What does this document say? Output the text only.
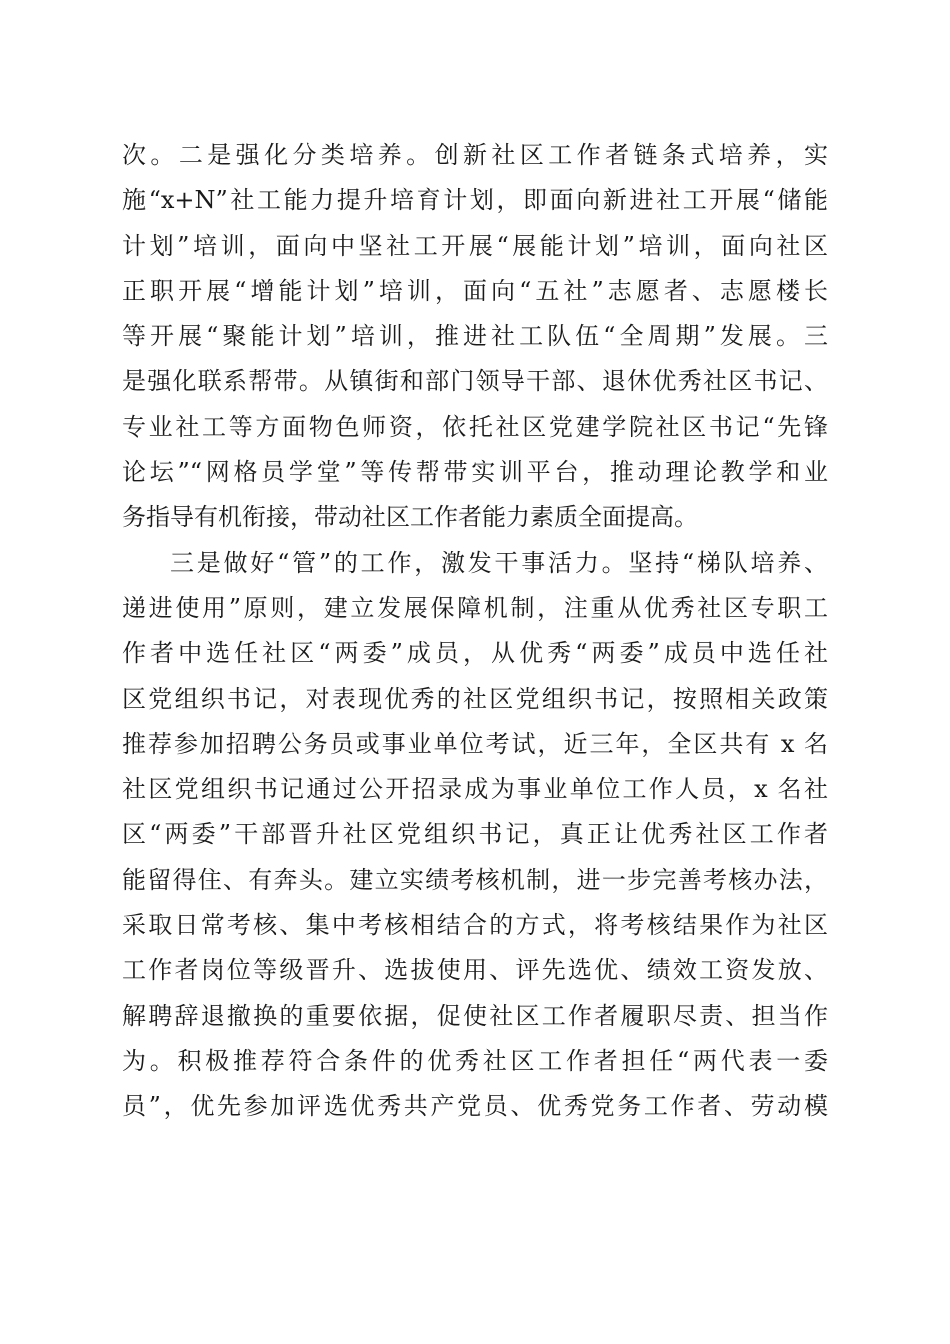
次。二是强化分类培养。创新社区工作者链条式培养，实
施“x+N”社工能力提升培育计划，即面向新进社工开展“储能
计划”培训，面向中坚社工开展“展能计划”培训，面向社区
正职开展“增能计划”培训，面向“五社”志愿者、志愿楼长
等开展“聚能计划”培训，推进社工队伍“全周期”发展。三
是强化联系帮带。从镇街和部门领导干部、退休优秀社区书记、
专业社工等方面物色师资，依托社区党建学院社区书记“先锋
论坛”“网格员学堂”等传帮带实训平台，推动理论教学和业
务指导有机衔接，带动社区工作者能力素质全面提高。
三是做好“管”的工作，激发干事活力。坚持“梯队培养、
递进使用”原则，建立发展保障机制，注重从优秀社区专职工
作者中选任社区“两委”成员，从优秀“两委”成员中选任社
区党组织书记，对表现优秀的社区党组织书记，按照相关政策
推荐参加招聘公务员或事业单位考试，近三年，全区共有 x 名
社区党组织书记通过公开招录成为事业单位工作人员，x 名社
区“两委”干部晋升社区党组织书记，真正让优秀社区工作者
能留得住、有奔头。建立实绩考核机制，进一步完善考核办法，
采取日常考核、集中考核相结合的方式，将考核结果作为社区
工作者岗位等级晋升、选拔使用、评先选优、绩效工资发放、
解聘辞退撤换的重要依据，促使社区工作者履职尽责、担当作
为。积极推荐符合条件的优秀社区工作者担任“两代表一委
员”，优先参加评选优秀共产党员、优秀党务工作者、劳动模
